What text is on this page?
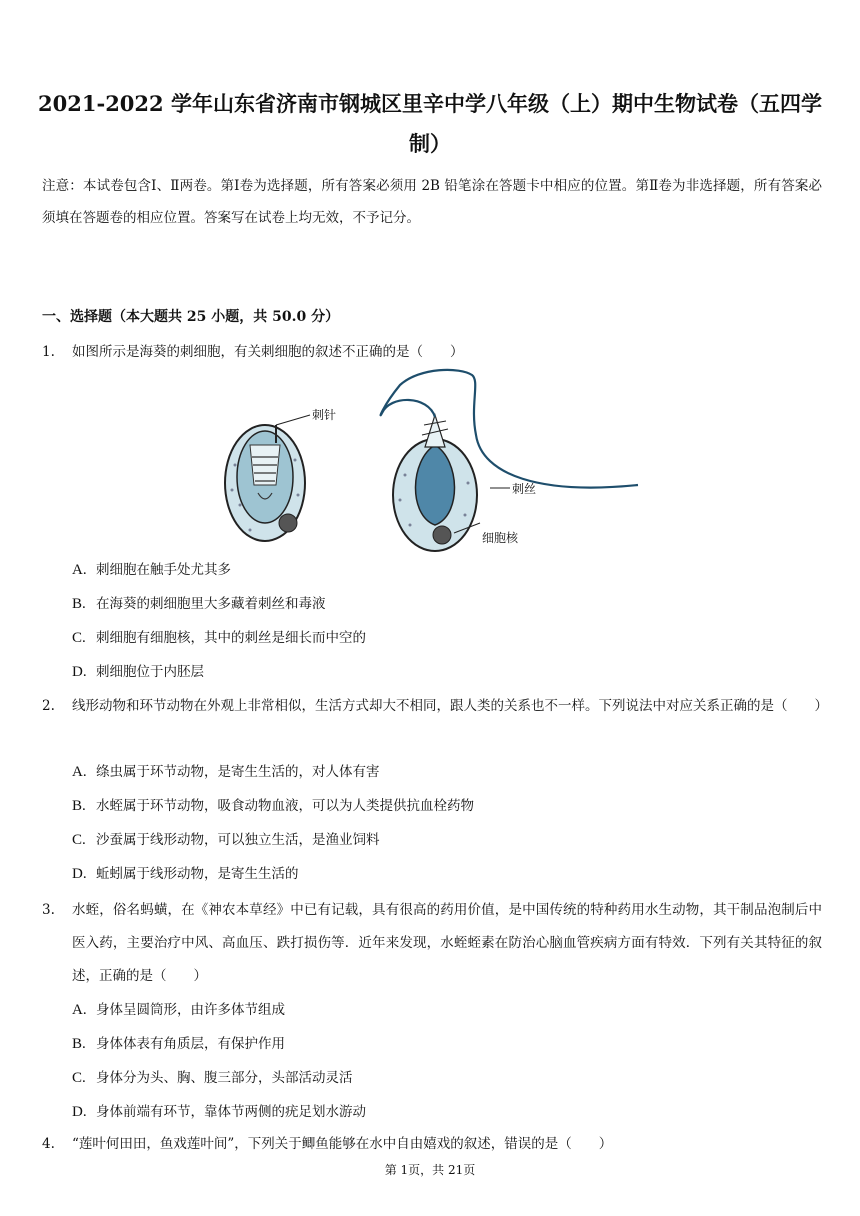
2021-2022 学年山东省济南市钢城区里辛中学八年级（上）期中生物试卷（五四学制）
注意：本试卷包含Ⅰ、Ⅱ两卷。第Ⅰ卷为选择题，所有答案必须用 2B 铅笔涂在答题卡中相应的位置。第Ⅱ卷为非选择题，所有答案必须填在答题卷的相应位置。答案写在试卷上均无效，不予记分。
一、选择题（本大题共 25 小题，共 50.0 分）
1.	如图所示是海葵的刺细胞，有关刺细胞的叙述不正确的是（　　）
刺针
刺丝
细胞核
A. 刺细胞在触手处尤其多
B. 在海葵的刺细胞里大多藏着刺丝和毒液
C. 刺细胞有细胞核，其中的刺丝是细长而中空的
D. 刺细胞位于内胚层
2.	线形动物和环节动物在外观上非常相似，生活方式却大不相同，跟人类的关系也不一样。下列说法中对应关系正确的是（　　）
A. 绦虫属于环节动物，是寄生生活的，对人体有害
B. 水蛭属于环节动物，吸食动物血液，可以为人类提供抗血栓药物
C. 沙蚕属于线形动物，可以独立生活，是渔业饲料
D. 蚯蚓属于线形动物，是寄生生活的
3.	水蛭，俗名蚂蟥，在《神农本草经》中已有记载，具有很高的药用价值，是中国传统的特种药用水生动物，其干制品泡制后中医入药，主要治疗中风、高血压、跌打损伤等．近年来发现，水蛭蛭素在防治心脑血管疾病方面有特效．下列有关其特征的叙述，正确的是（　　）
A. 身体呈圆筒形，由许多体节组成
B. 身体体表有角质层，有保护作用
C. 身体分为头、胸、腹三部分，头部活动灵活
D. 身体前端有环节，靠体节两侧的疣足划水游动
4.	“莲叶何田田，鱼戏莲叶间”，下列关于鲫鱼能够在水中自由嬉戏的叙述，错误的是（　　）
第 1页，共 21页
